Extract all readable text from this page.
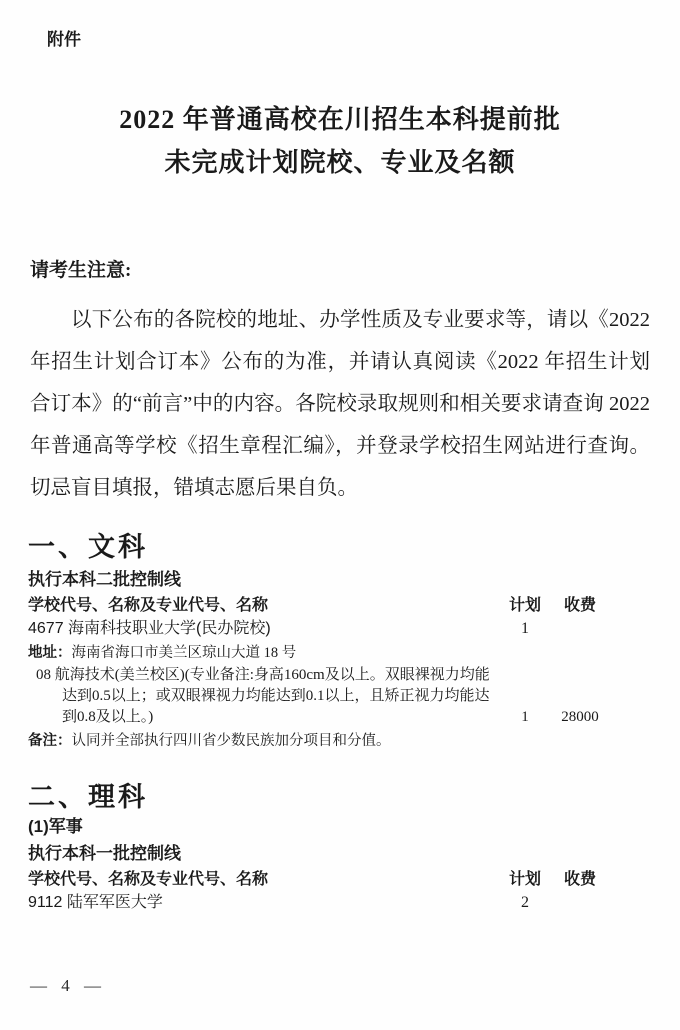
附件
2022 年普通高校在川招生本科提前批
未完成计划院校、专业及名额
请考生注意:
以下公布的各院校的地址、办学性质及专业要求等，请以《2022 年招生计划合订本》公布的为准，并请认真阅读《2022 年招生计划合订本》的“前言”中的内容。各院校录取规则和相关要求请查询 2022 年普通高等学校《招生章程汇编》，并登录学校招生网站进行查询。切忌盲目填报，错填志愿后果自负。
一、文科
执行本科二批控制线
学校代号、名称及专业代号、名称	计划	收费
4677 海南科技职业大学(民办院校)	1
地址：海南省海口市美兰区琼山大道 18 号
08 航海技术(美兰校区)(专业备注:身高160cm及以上。双眼裸视力均能
达到0.5以上；或双眼裸视力均能达到0.1以上，且矫正视力均能达
到0.8及以上。)	1	28000
备注：认同并全部执行四川省少数民族加分项目和分值。
二、理科
(1)军事
执行本科一批控制线
学校代号、名称及专业代号、名称	计划	收费
9112 陆军军医大学	2
— 4 —
